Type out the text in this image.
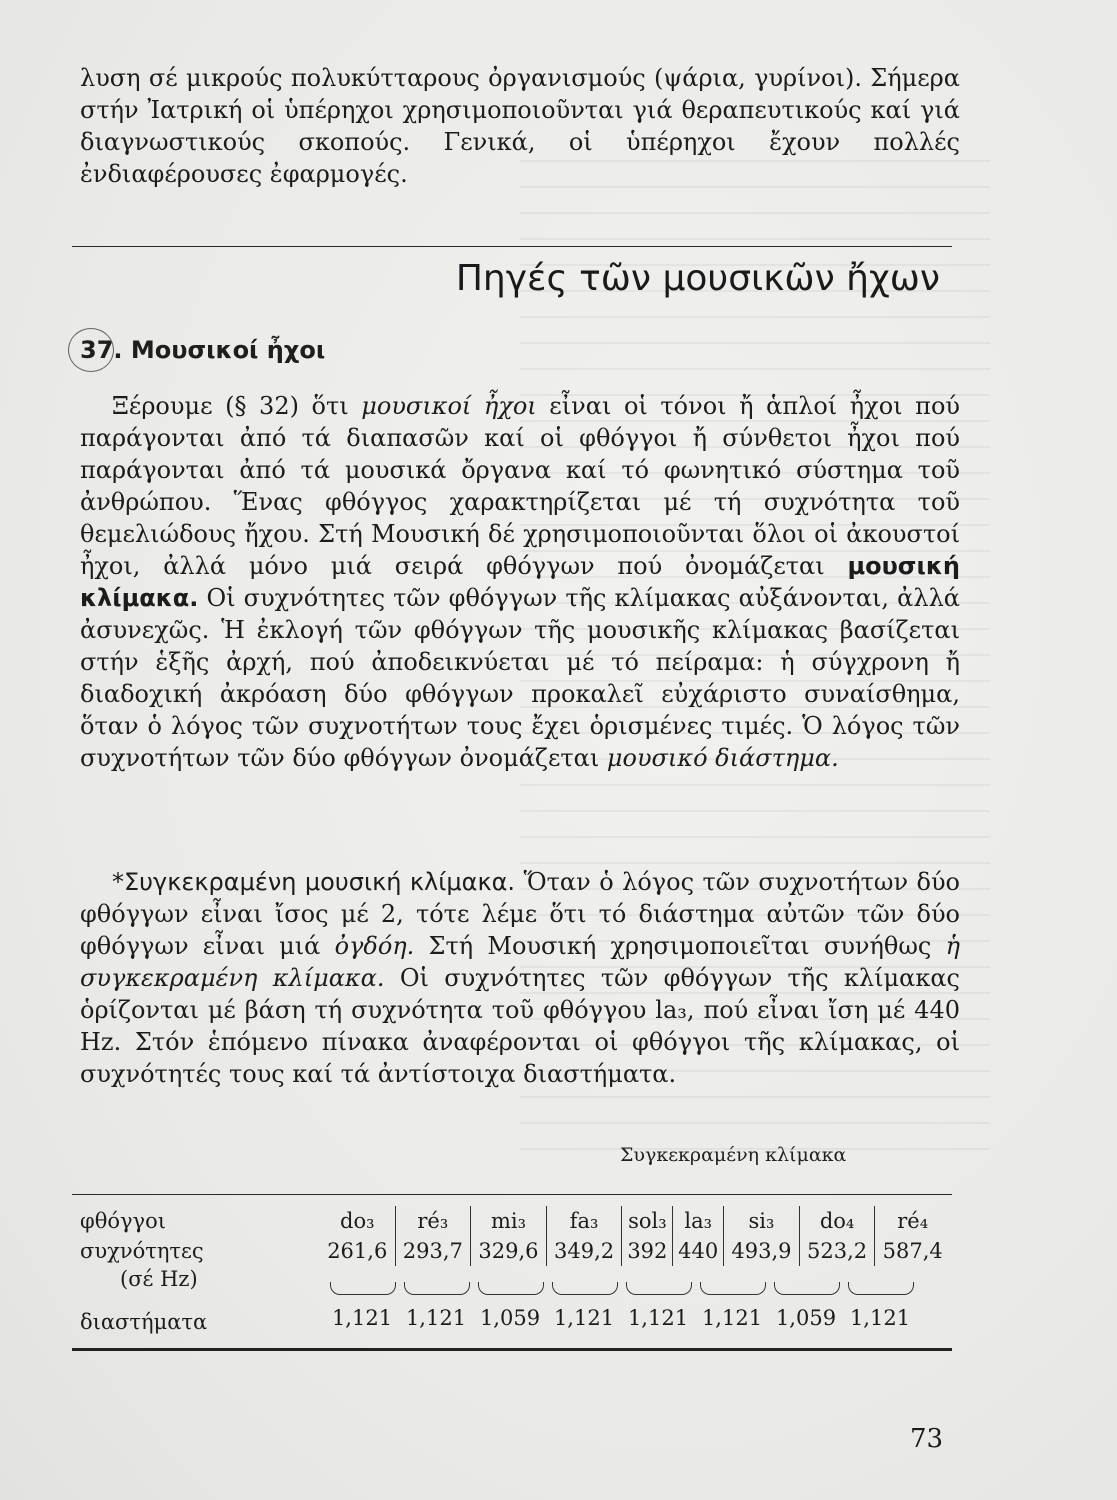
λυση σέ μικρούς πολυκύτταρους ὀργανισμούς (ψάρια, γυρίνοι). Σήμερα στήν Ἰατρική οἱ ὑπέρηχοι χρησιμοποιοῦνται γιά θεραπευτικούς καί γιά διαγνωστικούς σκοπούς. Γενικά, οἱ ὑπέρηχοι ἔχουν πολλές ἐνδιαφέρουσες ἐφαρμογές.

Πηγές τῶν μουσικῶν ἤχων
37. Μουσικοί ἦχοι

Ξέρουμε (§ 32) ὅτι μουσικοί ἦχοι εἶναι οἱ τόνοι ἤ ἁπλοί ἦχοι πού παράγονται ἀπό τά διαπασῶν καί οἱ φθόγγοι ἤ σύνθετοι ἦχοι πού παράγονται ἀπό τά μουσικά ὄργανα καί τό φωνητικό σύστημα τοῦ ἀνθρώπου. Ἕνας φθόγγος χαρακτηρίζεται μέ τή συχνότητα τοῦ θεμελιώδους ἤχου. Στή Μουσική δέ χρησιμοποιοῦνται ὅλοι οἱ ἀκουστοί ἦχοι, ἀλλά μόνο μιά σειρά φθόγγων πού ὀνομάζεται μουσική κλίμακα. Οἱ συχνότητες τῶν φθόγγων τῆς κλίμακας αὐξάνονται, ἀλλά ἀσυνεχῶς. Ἡ ἐκλογή τῶν φθόγγων τῆς μουσικῆς κλίμακας βασίζεται στήν ἑξῆς ἀρχή, πού ἀποδεικνύεται μέ τό πείραμα: ἡ σύγχρονη ἤ διαδοχική ἀκρόαση δύο φθόγγων προκαλεῖ εὐχάριστο συναίσθημα, ὅταν ὁ λόγος τῶν συχνοτήτων τους ἔχει ὁρισμένες τιμές. Ὁ λόγος τῶν συχνοτήτων τῶν δύο φθόγγων ὀνομάζεται μουσικό διάστημα.

*Συγκεκραμένη μουσική κλίμακα. Ὅταν ὁ λόγος τῶν συχνοτήτων δύο φθόγγων εἶναι ἴσος μέ 2, τότε λέμε ὅτι τό διάστημα αὐτῶν τῶν δύο φθόγγων εἶναι μιά ὀγδόη. Στή Μουσική χρησιμοποιεῖται συνήθως ἡ συγκεκραμένη κλίμακα. Οἱ συχνότητες τῶν φθόγγων τῆς κλίμακας ὁρίζονται μέ βάση τή συχνότητα τοῦ φθόγγου la₃, πού εἶναι ἴση μέ 440 Hz. Στόν ἑπόμενο πίνακα ἀναφέρονται οἱ φθόγγοι τῆς κλίμακας, οἱ συχνότητές τους καί τά ἀντίστοιχα διαστήματα.

Συγκεκραμένη κλίμακα
φθόγγοι	do₃	ré₃	mi₃	fa₃	sol₃	la₃	si₃	do₄	ré₄
συχνότητες	261,6	293,7	329,6	349,2	392	440	493,9	523,2	587,4
(σέ Hz)									
διαστήματα	1,121 1,121 1,059 1,121 1,121 1,121 1,059 1,121
73
